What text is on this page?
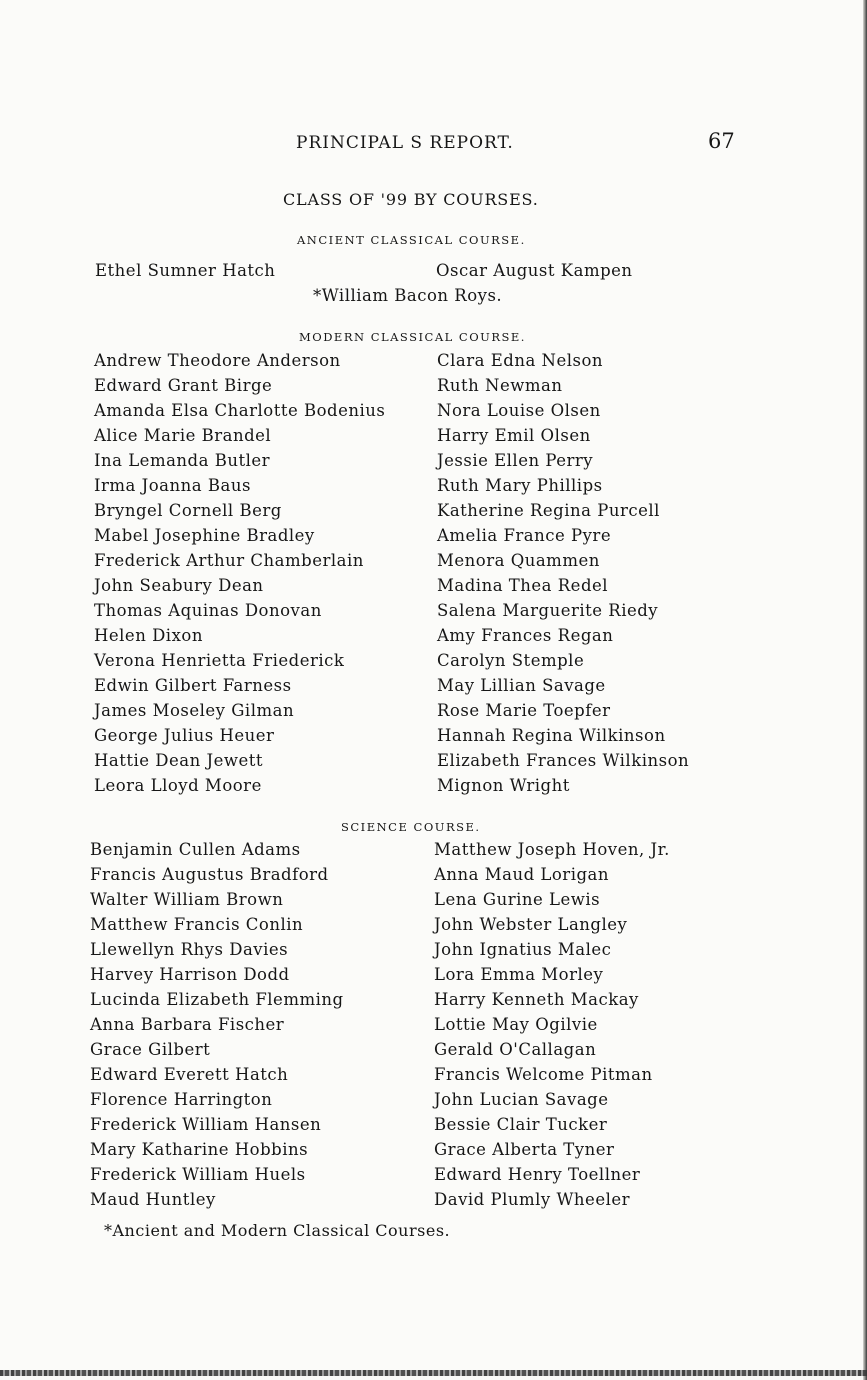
PRINCIPAL S REPORT.	67
CLASS OF '99 BY COURSES.
ANCIENT CLASSICAL COURSE.
Ethel Sumner Hatch	Oscar August Kampen
*William Bacon Roys.
MODERN CLASSICAL COURSE.
Andrew Theodore Anderson
Edward Grant Birge
Amanda Elsa Charlotte Bodenius
Alice Marie Brandel
Ina Lemanda Butler
Irma Joanna Baus
Bryngel Cornell Berg
Mabel Josephine Bradley
Frederick Arthur Chamberlain
John Seabury Dean
Thomas Aquinas Donovan
Helen Dixon
Verona Henrietta Friederick
Edwin Gilbert Farness
James Moseley Gilman
George Julius Heuer
Hattie Dean Jewett
Leora Lloyd Moore
Clara Edna Nelson
Ruth Newman
Nora Louise Olsen
Harry Emil Olsen
Jessie Ellen Perry
Ruth Mary Phillips
Katherine Regina Purcell
Amelia France Pyre
Menora Quammen
Madina Thea Redel
Salena Marguerite Riedy
Amy Frances Regan
Carolyn Stemple
May Lillian Savage
Rose Marie Toepfer
Hannah Regina Wilkinson
Elizabeth Frances Wilkinson
Mignon Wright
SCIENCE COURSE.
Benjamin Cullen Adams
Francis Augustus Bradford
Walter William Brown
Matthew Francis Conlin
Llewellyn Rhys Davies
Harvey Harrison Dodd
Lucinda Elizabeth Flemming
Anna Barbara Fischer
Grace Gilbert
Edward Everett Hatch
Florence Harrington
Frederick William Hansen
Mary Katharine Hobbins
Frederick William Huels
Maud Huntley
Matthew Joseph Hoven, Jr.
Anna Maud Lorigan
Lena Gurine Lewis
John Webster Langley
John Ignatius Malec
Lora Emma Morley
Harry Kenneth Mackay
Lottie May Ogilvie
Gerald O'Callagan
Francis Welcome Pitman
John Lucian Savage
Bessie Clair Tucker
Grace Alberta Tyner
Edward Henry Toellner
David Plumly Wheeler
*Ancient and Modern Classical Courses.
